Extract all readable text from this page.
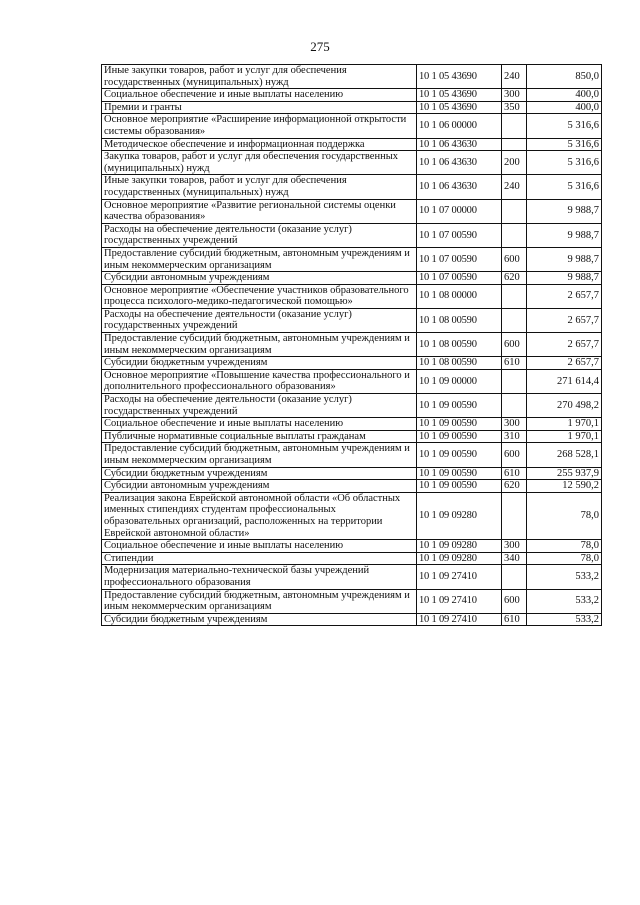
275
Иные закупки товаров, работ и услуг для обеспечения государственных (муниципальных) нужд	10 1 05 43690	240	850,0
Социальное обеспечение и иные выплаты населению	10 1 05 43690	300	400,0
Премии и гранты	10 1 05 43690	350	400,0
Основное мероприятие «Расширение информационной открытости системы образования»	10 1 06 00000		5 316,6
Методическое обеспечение и информационная поддержка	10 1 06 43630		5 316,6
Закупка товаров, работ и услуг для обеспечения государственных (муниципальных) нужд	10 1 06 43630	200	5 316,6
Иные закупки товаров, работ и услуг для обеспечения государственных (муниципальных) нужд	10 1 06 43630	240	5 316,6
Основное мероприятие «Развитие региональной системы оценки качества образования»	10 1 07 00000		9 988,7
Расходы на обеспечение деятельности (оказание услуг) государственных учреждений	10 1 07 00590		9 988,7
Предоставление субсидий бюджетным, автономным учреждениям и иным некоммерческим организациям	10 1 07 00590	600	9 988,7
Субсидии автономным учреждениям	10 1 07 00590	620	9 988,7
Основное мероприятие «Обеспечение участников образовательного процесса психолого-медико-педагогической помощью»	10 1 08 00000		2 657,7
Расходы на обеспечение деятельности (оказание услуг) государственных учреждений	10 1 08 00590		2 657,7
Предоставление субсидий бюджетным, автономным учреждениям и иным некоммерческим организациям	10 1 08 00590	600	2 657,7
Субсидии бюджетным учреждениям	10 1 08 00590	610	2 657,7
Основное мероприятие «Повышение качества профессионального и дополнительного профессионального образования»	10 1 09 00000		271 614,4
Расходы на обеспечение деятельности (оказание услуг) государственных учреждений	10 1 09 00590		270 498,2
Социальное обеспечение и иные выплаты населению	10 1 09 00590	300	1 970,1
Публичные нормативные социальные выплаты гражданам	10 1 09 00590	310	1 970,1
Предоставление субсидий бюджетным, автономным учреждениям и иным некоммерческим организациям	10 1 09 00590	600	268 528,1
Субсидии бюджетным учреждениям	10 1 09 00590	610	255 937,9
Субсидии автономным учреждениям	10 1 09 00590	620	12 590,2
Реализация закона Еврейской автономной области «Об областных именных стипендиях студентам профессиональных образовательных организаций, расположенных на территории Еврейской автономной области»	10 1 09 09280		78,0
Социальное обеспечение и иные выплаты населению	10 1 09 09280	300	78,0
Стипендии	10 1 09 09280	340	78,0
Модернизация материально-технической базы учреждений профессионального образования	10 1 09 27410		533,2
Предоставление субсидий бюджетным, автономным учреждениям и иным некоммерческим организациям	10 1 09 27410	600	533,2
Субсидии бюджетным учреждениям	10 1 09 27410	610	533,2
